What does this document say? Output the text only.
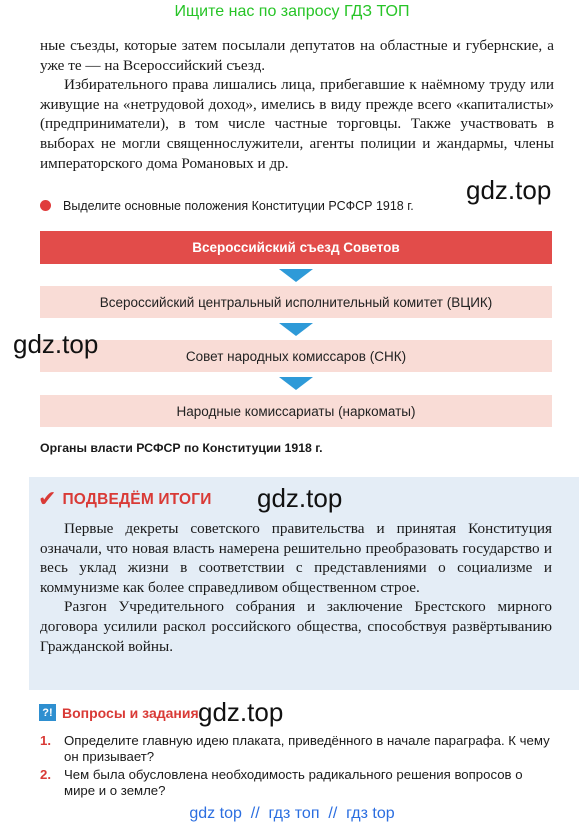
Ищите нас по запросу ГДЗ ТОП

ные съезды, которые затем посылали депутатов на областные и губернские, а уже те — на Всероссийский съезд.

Избирательного права лишались лица, прибегавшие к наёмному труду или живущие на «нетрудовой доход», имелись в виду прежде всего «капиталисты» (предприниматели), в том числе частные торговцы. Также участвовать в выборах не могли священнослужители, агенты полиции и жандармы, члены императорского дома Романовых и др.

gdz.top
Выделите основные положения Конституции РСФСР 1918 г.
Всероссийский съезд Советов
Всероссийский центральный исполнительный комитет (ВЦИК)
Совет народных комиссаров (СНК)
Народные комиссариаты (наркоматы)
gdz.top
Органы власти РСФСР по Конституции 1918 г.
✔ ПОДВЕДЁМ ИТОГИ

Первые декреты советского правительства и принятая Конституция означали, что новая власть намерена решительно преобразовать государство и весь уклад жизни в соответствии с представлениями о социализме и коммунизме как более справедливом общественном строе.

Разгон Учредительного собрания и заключение Брестского мирного договора усилили раскол российского общества, способствуя развёртыванию Гражданской войны.

gdz.top
?! Вопросы и задания gdz.top
1. Определите главную идею плаката, приведённого в начале параграфа. К чему он призывает?
2. Чем была обусловлена необходимость радикального решения вопросов о мире и о земле?
gdz top  //  гдз топ  //  гдз top
